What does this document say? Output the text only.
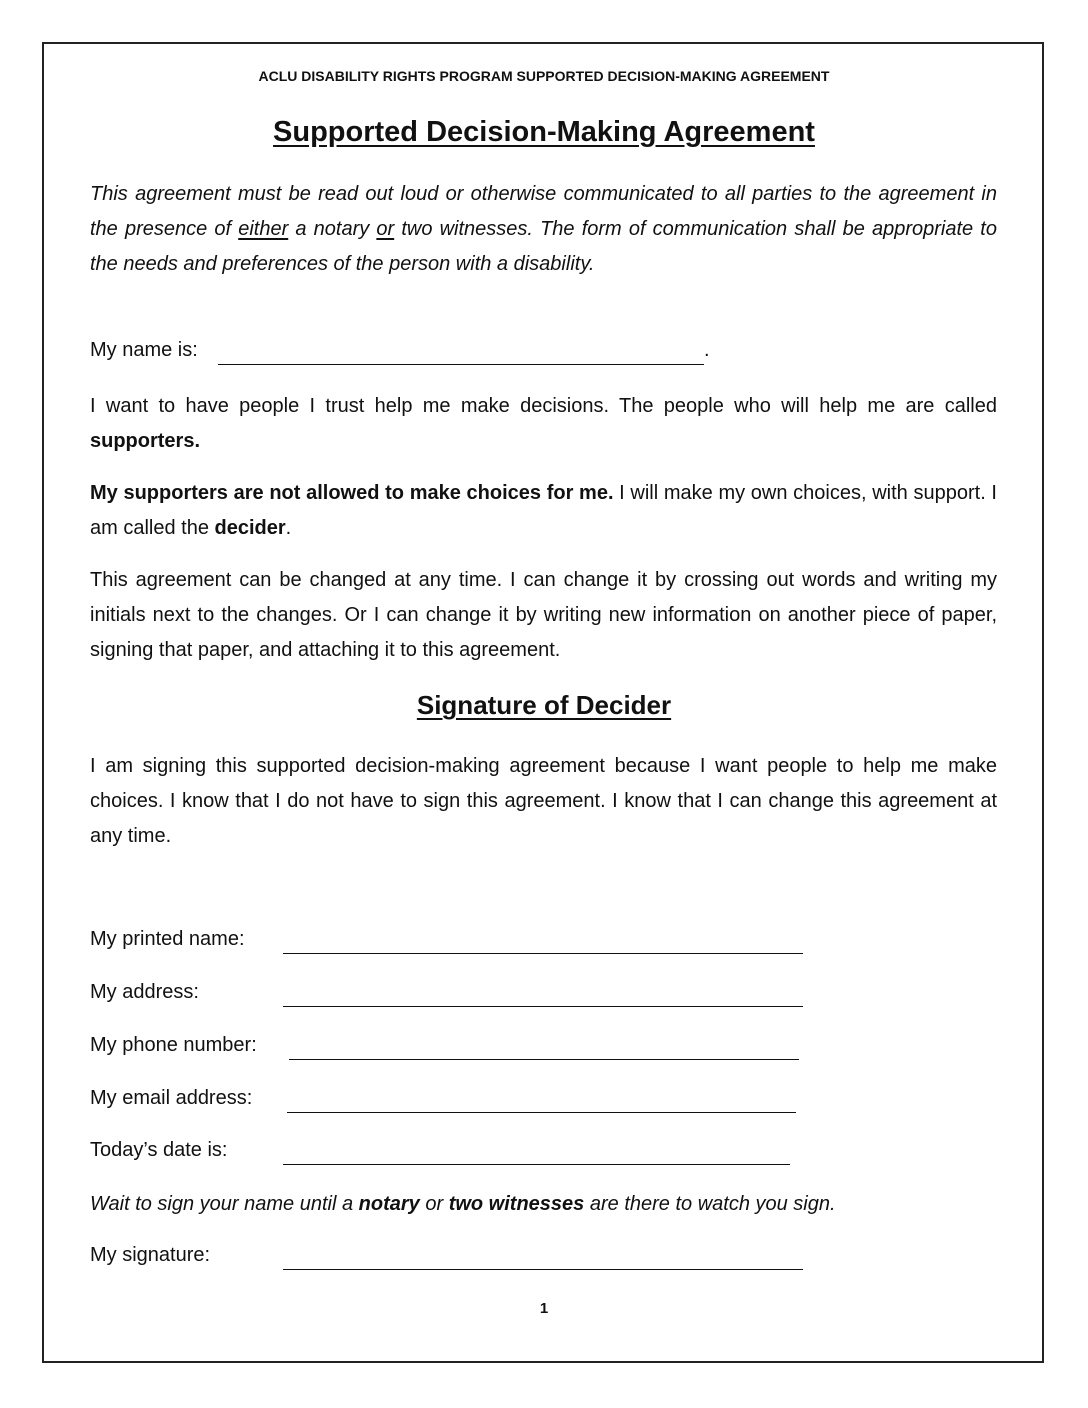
ACLU DISABILITY RIGHTS PROGRAM SUPPORTED DECISION-MAKING AGREEMENT
Supported Decision-Making Agreement
This agreement must be read out loud or otherwise communicated to all parties to the agreement in the presence of either a notary or two witnesses. The form of communication shall be appropriate to the needs and preferences of the person with a disability.
My name is:	.
I want to have people I trust help me make decisions. The people who will help me are called supporters.
My supporters are not allowed to make choices for me. I will make my own choices, with support. I am called the decider.
This agreement can be changed at any time. I can change it by crossing out words and writing my initials next to the changes. Or I can change it by writing new information on another piece of paper, signing that paper, and attaching it to this agreement.
Signature of Decider
I am signing this supported decision-making agreement because I want people to help me make choices. I know that I do not have to sign this agreement. I know that I can change this agreement at any time.
My printed name:
My address:
My phone number:
My email address:
Today’s date is:
Wait to sign your name until a notary or two witnesses are there to watch you sign.
My signature:
1
